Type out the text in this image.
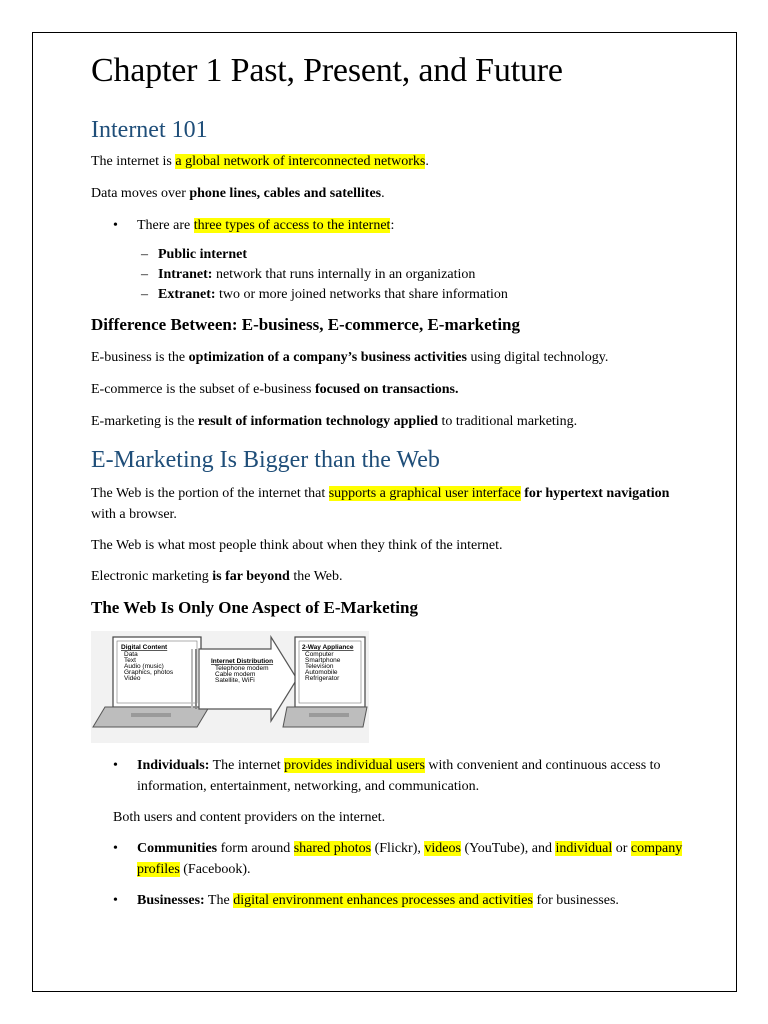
Chapter 1 Past, Present, and Future
Internet 101

The internet is a global network of interconnected networks.

Data moves over phone lines, cables and satellites.

• There are three types of access to the internet:
– Public internet
– Intranet: network that runs internally in an organization
– Extranet: two or more joined networks that share information
Difference Between: E-business, E-commerce, E-marketing

E-business is the optimization of a company’s business activities using digital technology.

E-commerce is the subset of e-business focused on transactions.

E-marketing is the result of information technology applied to traditional marketing.

E-Marketing Is Bigger than the Web

The Web is the portion of the internet that supports a graphical user interface for hypertext navigation with a browser.

The Web is what most people think about when they think of the internet.

Electronic marketing is far beyond the Web.

The Web Is Only One Aspect of E-Marketing
Digital Content
Data
Text
Audio (music)
Graphics, photos
Video
Internet Distribution
Telephone modem
Cable modem
Satellite, WiFi
2-Way Appliance
Computer
Smartphone
Television
Automobile
Refrigerator
• Individuals: The internet provides individual users with convenient and continuous access to information, entertainment, networking, and communication.

Both users and content providers on the internet.

• Communities form around shared photos (Flickr), videos (YouTube), and individual or company profiles (Facebook).
• Businesses: The digital environment enhances processes and activities for businesses.
